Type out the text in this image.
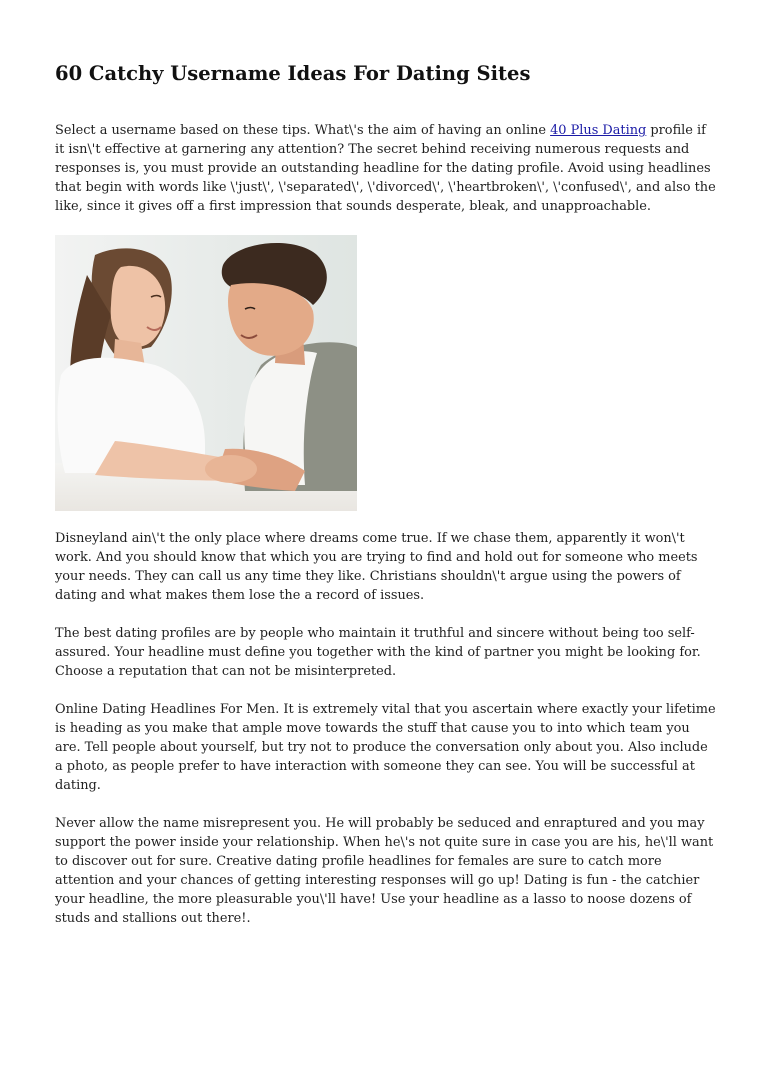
60 Catchy Username Ideas For Dating Sites

Select a username based on these tips. What\'s the aim of having an online 40 Plus Dating profile if it isn\'t effective at garnering any attention? The secret behind receiving numerous requests and responses is, you must provide an outstanding headline for the dating profile. Avoid using headlines that begin with words like \'just\', \'separated\', \'divorced\', \'heartbroken\', \'confused\', and also the like, since it gives off a first impression that sounds desperate, bleak, and unapproachable.

Disneyland ain\'t the only place where dreams come true. If we chase them, apparently it won\'t work. And you should know that which you are trying to find and hold out for someone who meets your needs. They can call us any time they like. Christians shouldn\'t argue using the powers of dating and what makes them lose the a record of issues.

The best dating profiles are by people who maintain it truthful and sincere without being too self-assured. Your headline must define you together with the kind of partner you might be looking for. Choose a reputation that can not be misinterpreted.

Online Dating Headlines For Men. It is extremely vital that you ascertain where exactly your lifetime is heading as you make that ample move towards the stuff that cause you to into which team you are. Tell people about yourself, but try not to produce the conversation only about you. Also include a photo, as people prefer to have interaction with someone they can see. You will be successful at dating.

Never allow the name misrepresent you. He will probably be seduced and enraptured and you may support the power inside your relationship. When he\'s not quite sure in case you are his, he\'ll want to discover out for sure. Creative dating profile headlines for females are sure to catch more attention and your chances of getting interesting responses will go up! Dating is fun - the catchier your headline, the more pleasurable you\'ll have! Use your headline as a lasso to noose dozens of studs and stallions out there!.
